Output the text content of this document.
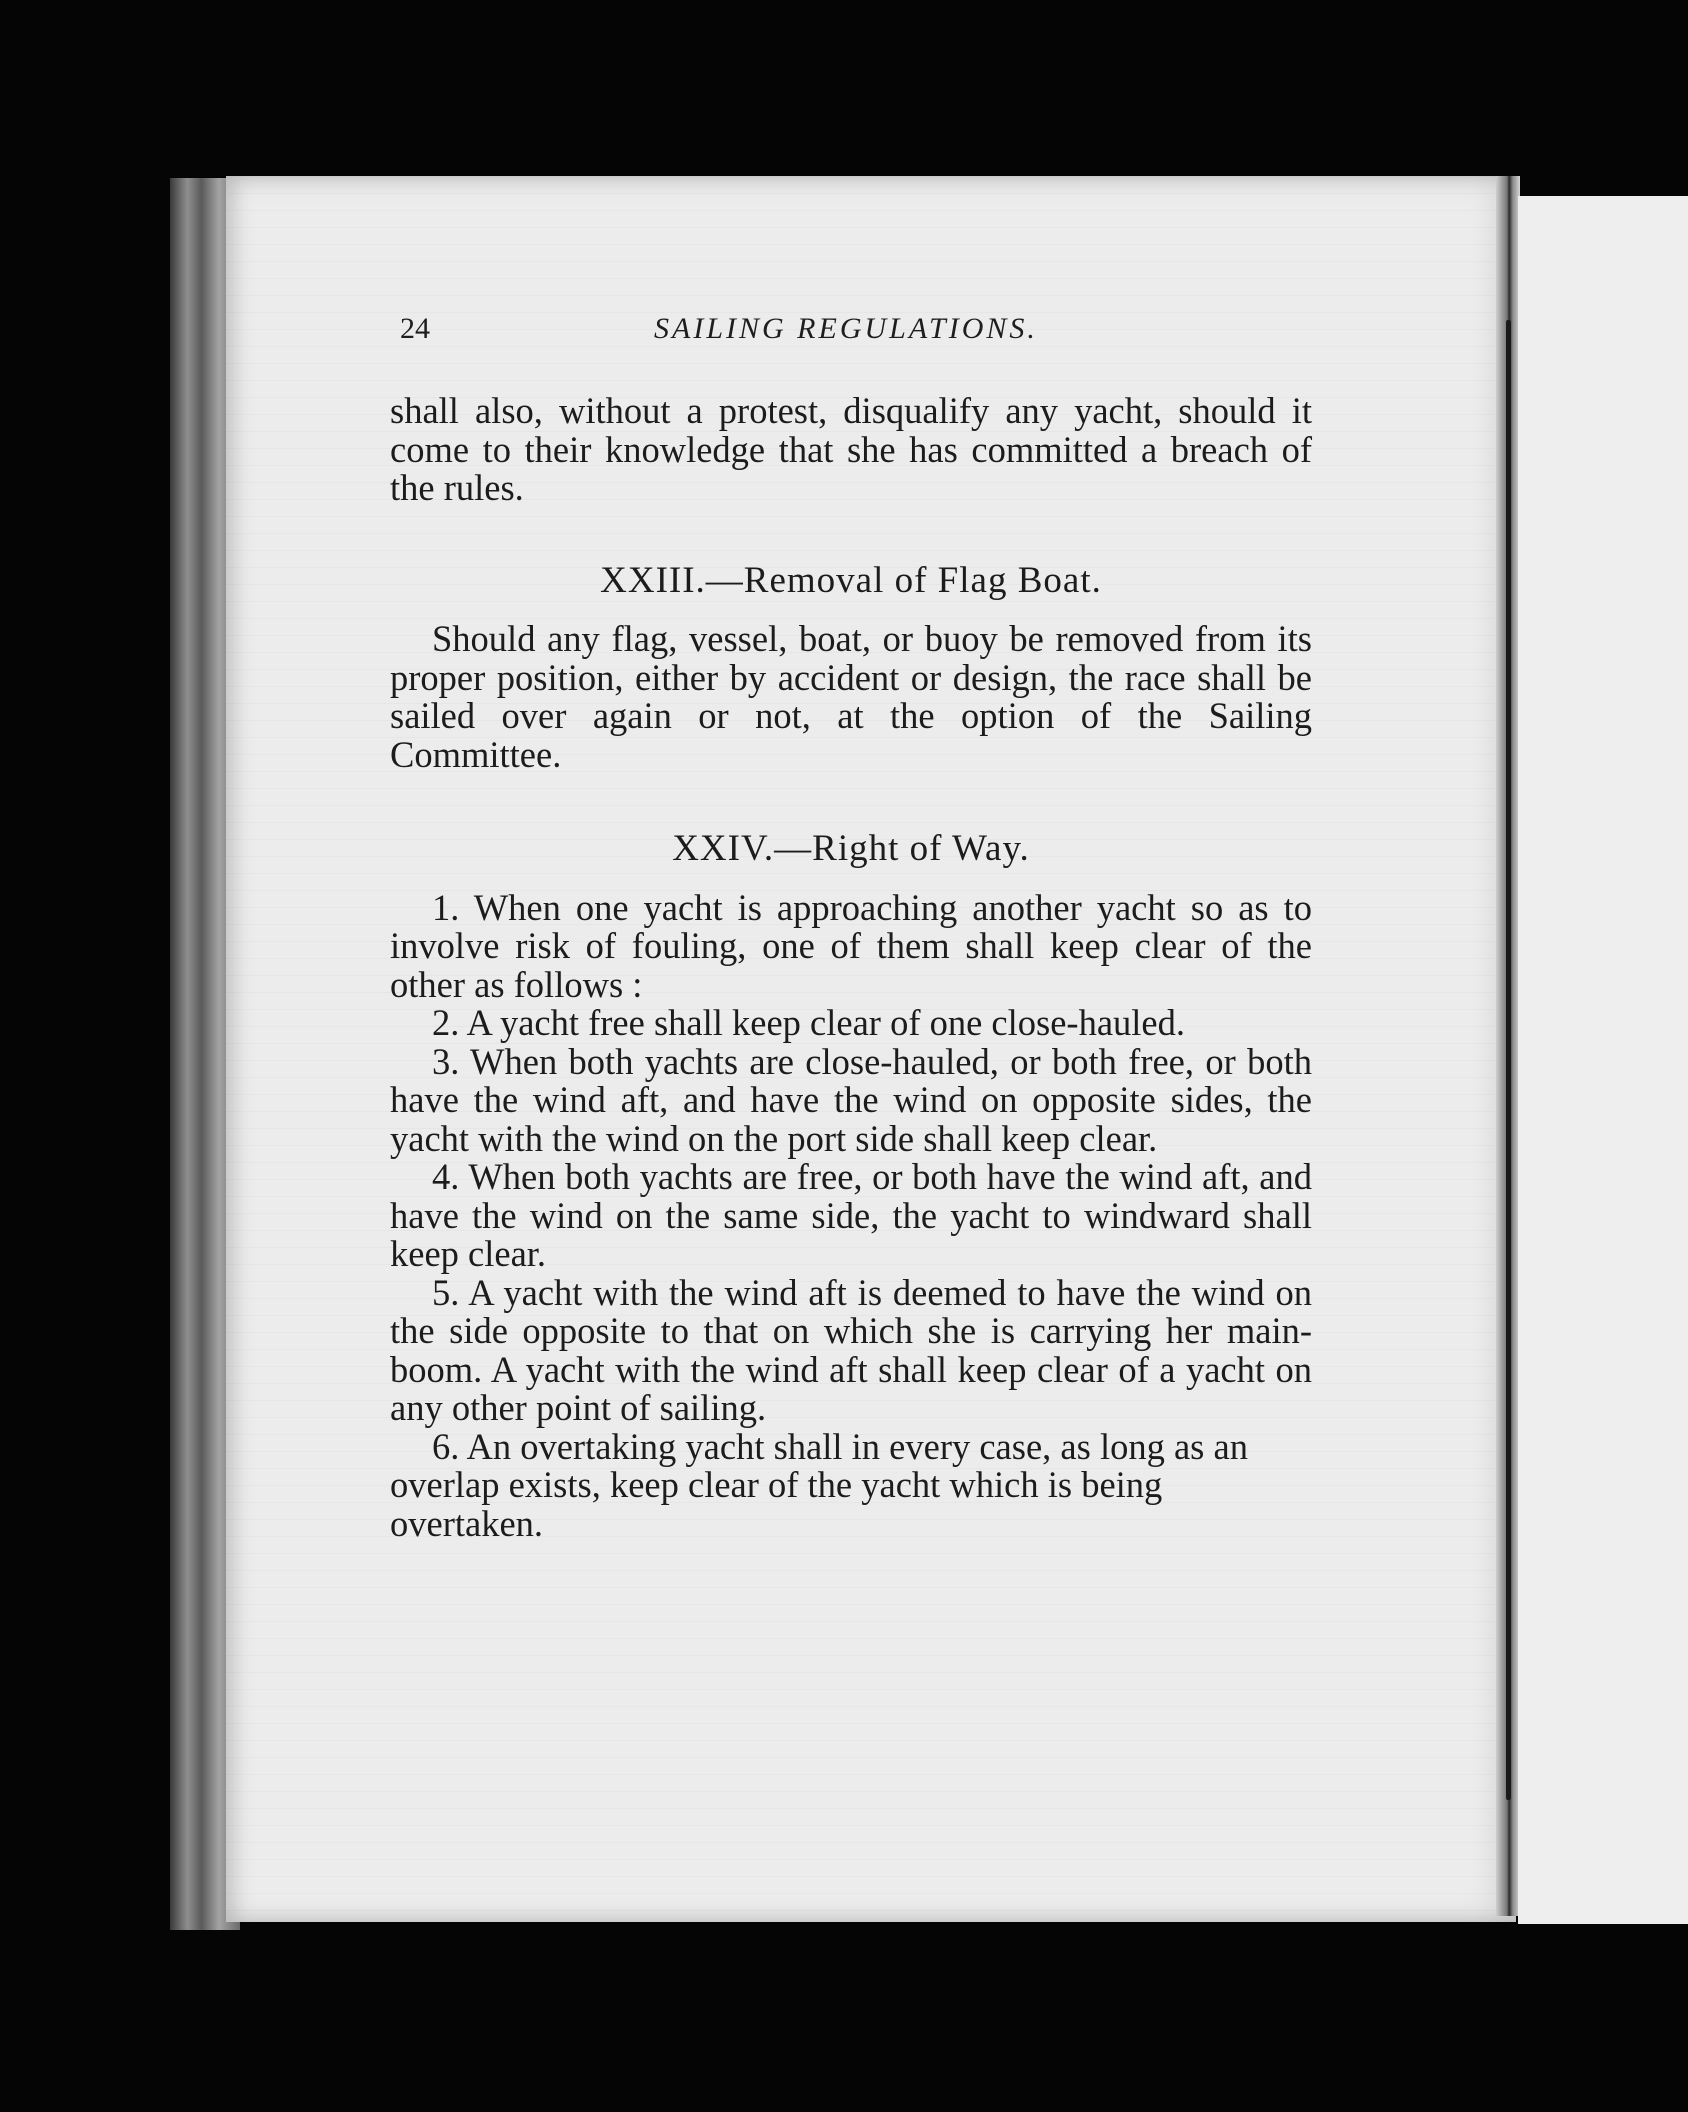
24	SAILING REGULATIONS.

shall also, without a protest, disqualify any yacht, should it come to their knowledge that she has committed a breach of the rules.

XXIII.—Removal of Flag Boat.

Should any flag, vessel, boat, or buoy be removed from its proper position, either by accident or design, the race shall be sailed over again or not, at the option of the Sailing Committee.

XXIV.—Right of Way.

1. When one yacht is approaching another yacht so as to involve risk of fouling, one of them shall keep clear of the other as follows :

2. A yacht free shall keep clear of one close-hauled.

3. When both yachts are close-hauled, or both free, or both have the wind aft, and have the wind on opposite sides, the yacht with the wind on the port side shall keep clear.

4. When both yachts are free, or both have the wind aft, and have the wind on the same side, the yacht to windward shall keep clear.

5. A yacht with the wind aft is deemed to have the wind on the side opposite to that on which she is carrying her main-boom. A yacht with the wind aft shall keep clear of a yacht on any other point of sailing.

6. An overtaking yacht shall in every case, as long as an overlap exists, keep clear of the yacht which is being overtaken.
